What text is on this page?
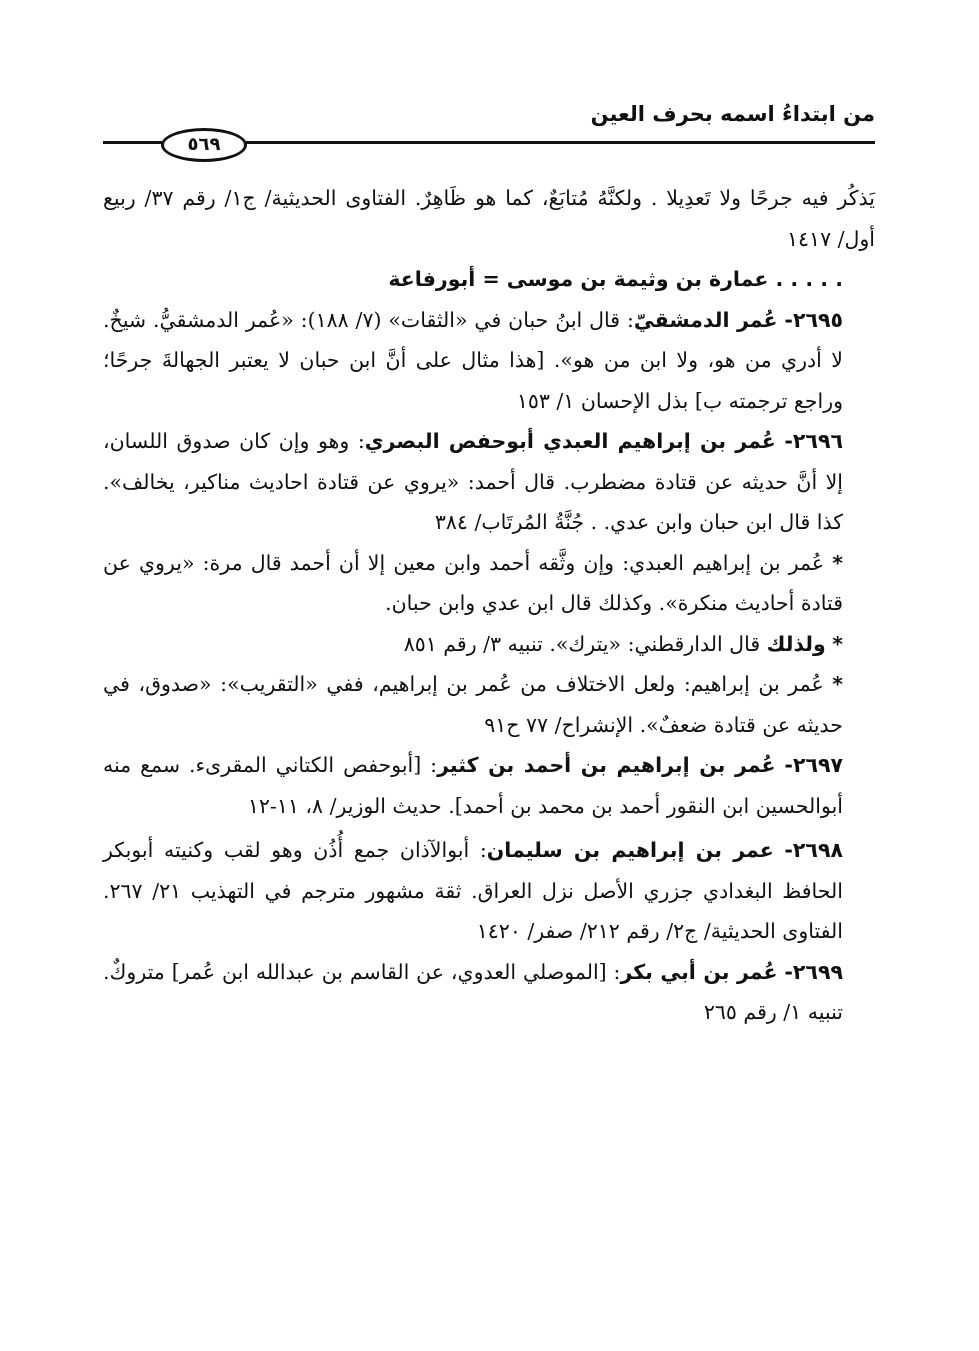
من ابتداءُ اسمه بحرف العين
٥٦٩

يَذكُر فيه جرحًا ولا تَعدِيلا . ولكنَّهُ مُتابَعٌ، كما هو ظَاهِرٌ. الفتاوى الحديثية/ ج١/ رقم ٣٧/ ربيع أول/ ١٤١٧

. . . . . عمارة بن وثيمة بن موسى = أبورفاعة

٢٦٩٥- عُمر الدمشقيّ: قال ابنُ حبان في «الثقات» (٧/ ١٨٨): «عُمر الدمشقيُّ. شيخٌ. لا أدري من هو، ولا ابن من هو». [هذا مثال على أنَّ ابن حبان لا يعتبر الجهالةَ جرحًا؛ وراجع ترجمته ب] بذل الإحسان ١/ ١٥٣

٢٦٩٦- عُمر بن إبراهيم العبدي أبوحفص البصري: وهو وإن كان صدوق اللسان، إلا أنَّ حديثه عن قتادة مضطرب. قال أحمد: «يروي عن قتادة احاديث مناكير، يخالف». كذا قال ابن حبان وابن عدي. . جُنَّةُ المُرتَاب/ ٣٨٤

* عُمر بن إبراهيم العبدي: وإن وثَّقه أحمد وابن معين إلا أن أحمد قال مرة: «يروي عن قتادة أحاديث منكرة». وكذلك قال ابن عدي وابن حبان.

* ولذلك قال الدارقطني: «يترك». تنبيه ٣/ رقم ٨٥١

* عُمر بن إبراهيم: ولعل الاختلاف من عُمر بن إبراهيم، ففي «التقريب»: «صدوق، في حديثه عن قتادة ضعفٌ». الإنشراح/ ٧٧ ح٩١

٢٦٩٧- عُمر بن إبراهيم بن أحمد بن كثير: [أبوحفص الكتاني المقرىء. سمع منه أبوالحسين ابن النقور أحمد بن محمد بن أحمد]. حديث الوزير/ ٨، ١١-١٢

٢٦٩٨- عمر بن إبراهيم بن سليمان: أبوالآذان جمع أُذُن وهو لقب وكنيته أبوبكر الحافظ البغدادي جزري الأصل نزل العراق. ثقة مشهور مترجم في التهذيب ٢١/ ٢٦٧. الفتاوى الحديثية/ ج٢/ رقم ٢١٢/ صفر/ ١٤٢٠

٢٦٩٩- عُمر بن أبي بكر: [الموصلي العدوي، عن القاسم بن عبدالله ابن عُمر] متروكٌ. تنبيه ١/ رقم ٢٦٥
